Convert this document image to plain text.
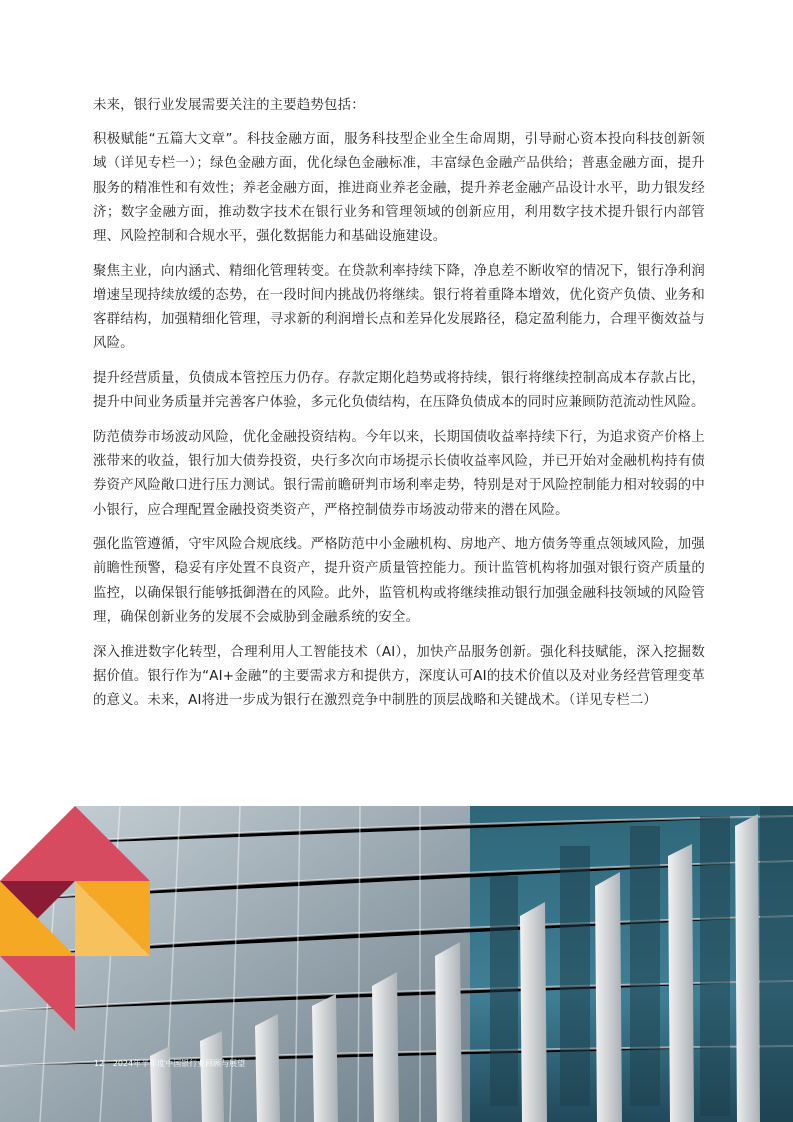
未来，银行业发展需要关注的主要趋势包括：

积极赋能“五篇大文章”。科技金融方面，服务科技型企业全生命周期，引导耐心资本投向科技创新领域（详见专栏一）；绿色金融方面，优化绿色金融标准，丰富绿色金融产品供给；普惠金融方面，提升服务的精准性和有效性；养老金融方面，推进商业养老金融，提升养老金融产品设计水平，助力银发经济；数字金融方面，推动数字技术在银行业务和管理领域的创新应用，利用数字技术提升银行内部管理、风险控制和合规水平，强化数据能力和基础设施建设。

聚焦主业，向内涵式、精细化管理转变。在贷款利率持续下降，净息差不断收窄的情况下，银行净利润增速呈现持续放缓的态势，在一段时间内挑战仍将继续。银行将着重降本增效，优化资产负债、业务和客群结构，加强精细化管理，寻求新的利润增长点和差异化发展路径，稳定盈利能力，合理平衡效益与风险。

提升经营质量，负债成本管控压力仍存。存款定期化趋势或将持续，银行将继续控制高成本存款占比，提升中间业务质量并完善客户体验，多元化负债结构，在压降负债成本的同时应兼顾防范流动性风险。

防范债券市场波动风险，优化金融投资结构。今年以来，长期国债收益率持续下行，为追求资产价格上涨带来的收益，银行加大债券投资，央行多次向市场提示长债收益率风险，并已开始对金融机构持有债券资产风险敞口进行压力测试。银行需前瞻研判市场利率走势，特别是对于风险控制能力相对较弱的中小银行，应合理配置金融投资类资产，严格控制债券市场波动带来的潜在风险。

强化监管遵循，守牢风险合规底线。严格防范中小金融机构、房地产、地方债务等重点领域风险，加强前瞻性预警，稳妥有序处置不良资产，提升资产质量管控能力。预计监管机构将加强对银行资产质量的监控，以确保银行能够抵御潜在的风险。此外，监管机构或将继续推动银行加强金融科技领域的风险管理，确保创新业务的发展不会威胁到金融系统的安全。

深入推进数字化转型，合理利用人工智能技术（AI），加快产品服务创新。强化科技赋能，深入挖掘数据价值。银行作为“AI+金融”的主要需求方和提供方，深度认可AI的技术价值以及对业务经营管理变革的意义。未来，AI将进一步成为银行在激烈竞争中制胜的顶层战略和关键战术。（详见专栏二）

12 2024年半年度中国银行业回顾与展望
